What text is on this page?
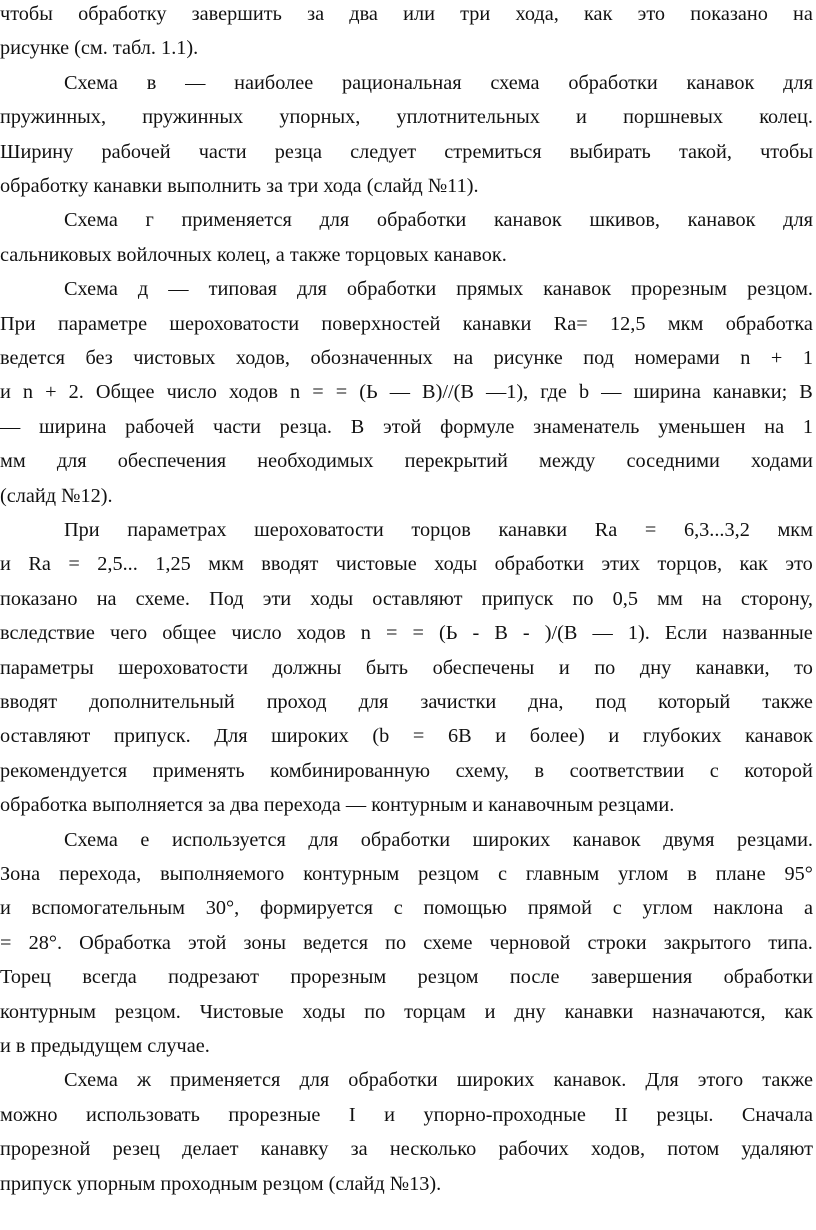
чтобы обработку завершить за два или три хода, как это показано на
рисунке (см. табл. 1.1).
Схема в — наиболее рациональная схема обработки канавок для
пружинных, пружинных упорных, уплотнительных и поршневых колец.
Ширину рабочей части резца следует стремиться выбирать такой, чтобы
обработку канавки выполнить за три хода (слайд №11).
Схема г применяется для обработки канавок шкивов, канавок для
сальниковых войлочных колец, а также торцовых канавок.
Схема д — типовая для обработки прямых канавок прорезным резцом.
При параметре шероховатости поверхностей канавки Ra= 12,5 мкм обработка
ведется без чистовых ходов, обозначенных на рисунке под номерами n + 1
и n + 2. Общее число ходов n = = (Ь — В)//(В —1), где b — ширина канавки; В
— ширина рабочей части резца. В этой формуле знаменатель уменьшен на 1
мм для обеспечения необходимых перекрытий между соседними ходами
(слайд №12).
При параметрах шероховатости торцов канавки Ra = 6,3...3,2 мкм
и Ra = 2,5... 1,25 мкм вводят чистовые ходы обработки этих торцов, как это
показано на схеме. Под эти ходы оставляют припуск по 0,5 мм на сторону,
вследствие чего общее число ходов n = = (Ь - В - )/(В — 1). Если названные
параметры шероховатости должны быть обеспечены и по дну канавки, то
вводят дополнительный проход для зачистки дна, под который также
оставляют припуск. Для широких (b = 6В и более) и глубоких канавок
рекомендуется применять комбинированную схему, в соответствии с которой
обработка выполняется за два перехода — контурным и канавочным резцами.
Схема е используется для обработки широких канавок двумя резцами.
Зона перехода, выполняемого контурным резцом с главным углом в плане 95°
и вспомогательным 30°, формируется с помощью прямой с углом наклона а
= 28°. Обработка этой зоны ведется по схеме черновой строки закрытого типа.
Торец всегда подрезают прорезным резцом после завершения обработки
контурным резцом. Чистовые ходы по торцам и дну канавки назначаются, как
и в предыдущем случае.
Схема ж применяется для обработки широких канавок. Для этого также
можно использовать прорезные I и упорно-проходные II резцы. Сначала
прорезной резец делает канавку за несколько рабочих ходов, потом удаляют
припуск упорным проходным резцом (слайд №13).
